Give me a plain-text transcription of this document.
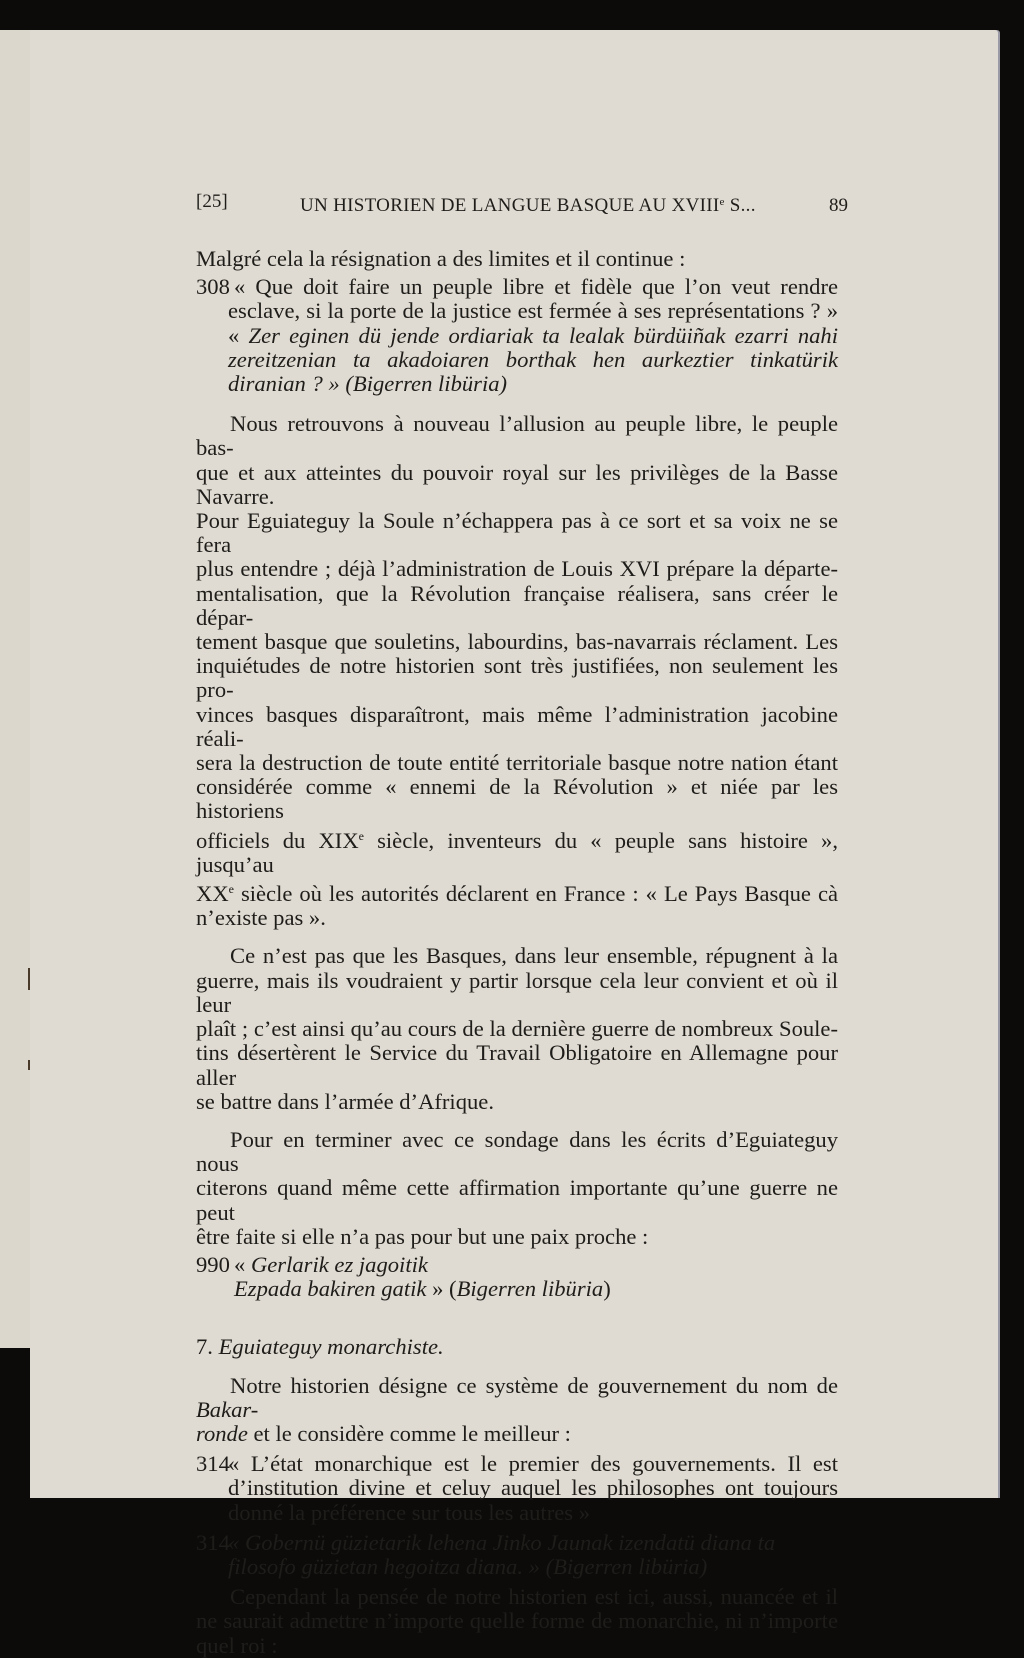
[25]	UN HISTORIEN DE LANGUE BASQUE AU XVIIIe S...	89

Malgré cela la résignation a des limites et il continue :

308 « Que doit faire un peuple libre et fidèle que l’on veut rendre esclave, si la porte de la justice est fermée à ses représentations ? » « Zer eginen dü jende ordiariak ta lealak bürdüiñak ezarri nahi zereitzenian ta akadoiaren borthak hen aurkeztier tinkatürik diranian ? » (Bigerren libüria)

Nous retrouvons à nouveau l’allusion au peuple libre, le peuple bas-
que et aux atteintes du pouvoir royal sur les privilèges de la Basse Navarre.
Pour Eguiateguy la Soule n’échappera pas à ce sort et sa voix ne se fera
plus entendre ; déjà l’administration de Louis XVI prépare la départe-
mentalisation, que la Révolution française réalisera, sans créer le dépar-
tement basque que souletins, labourdins, bas-navarrais réclament. Les
inquiétudes de notre historien sont très justifiées, non seulement les pro-
vinces basques disparaîtront, mais même l’administration jacobine réali-
sera la destruction de toute entité territoriale basque notre nation étant
considérée comme « ennemi de la Révolution » et niée par les historiens
officiels du XIXe siècle, inventeurs du « peuple sans histoire », jusqu’au
XXe siècle où les autorités déclarent en France : « Le Pays Basque cà
n’existe pas ».
Ce n’est pas que les Basques, dans leur ensemble, répugnent à la
guerre, mais ils voudraient y partir lorsque cela leur convient et où il leur
plaît ; c’est ainsi qu’au cours de la dernière guerre de nombreux Soule-
tins désertèrent le Service du Travail Obligatoire en Allemagne pour aller
se battre dans l’armée d’Afrique.
Pour en terminer avec ce sondage dans les écrits d’Eguiateguy nous
citerons quand même cette affirmation importante qu’une guerre ne peut
être faite si elle n’a pas pour but une paix proche :
990 « Gerlarik ez jagoitik
Ezpada bakiren gatik » (Bigerren libüria)

7. Eguiateguy monarchiste.

Notre historien désigne ce système de gouvernement du nom de Bakar-
ronde et le considère comme le meilleur :
314

« L’état monarchique est le premier des gouvernements. Il est d’institution divine et celuy auquel les philosophes ont toujours donné la préférence sur tous les autres »

314

« Gobernü güzietarik lehena Jinko Jaunak izendatü diana ta filosofo güzietan hegoitza diana. » (Bigerren libüria)

Cependant la pensée de notre historien est ici, aussi, nuancée et il ne saurait admettre n’importe quelle forme de monarchie, ni n’importe quel roi :
